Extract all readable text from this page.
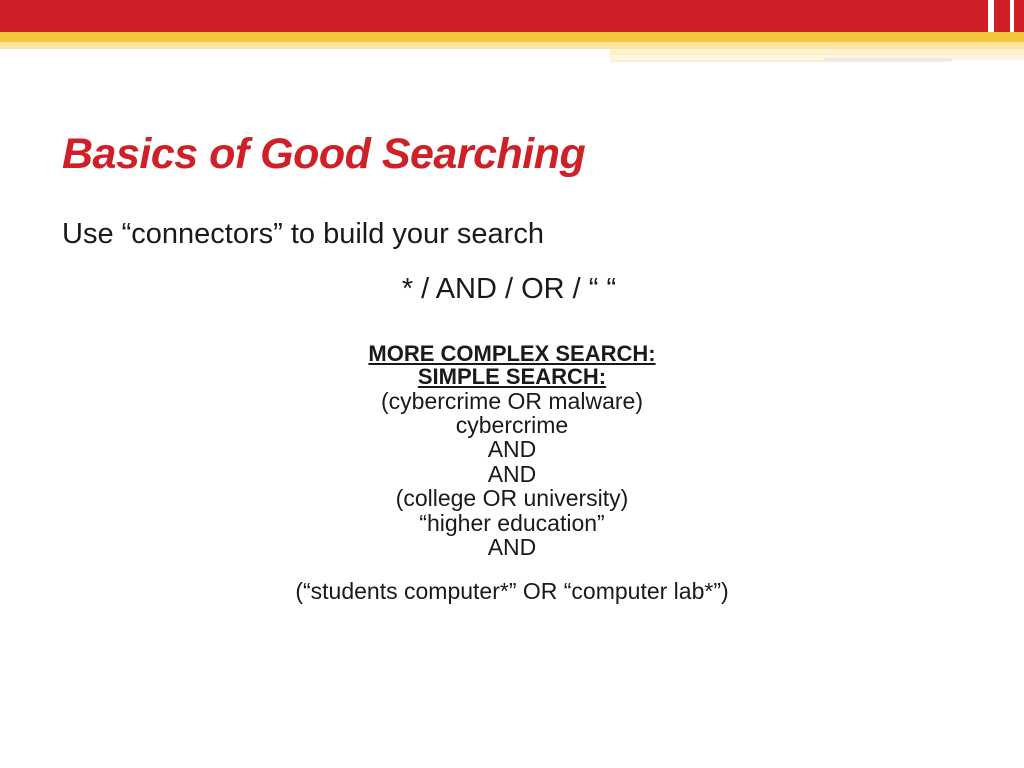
Basics of Good Searching
Use “connectors” to build your search
* / AND / OR / “ “
MORE COMPLEX SEARCH:
SIMPLE SEARCH:
(cybercrime OR malware)
cybercrime
AND
AND
(college OR university)
“higher education”
AND
(“students computer*” OR “computer lab*”)
